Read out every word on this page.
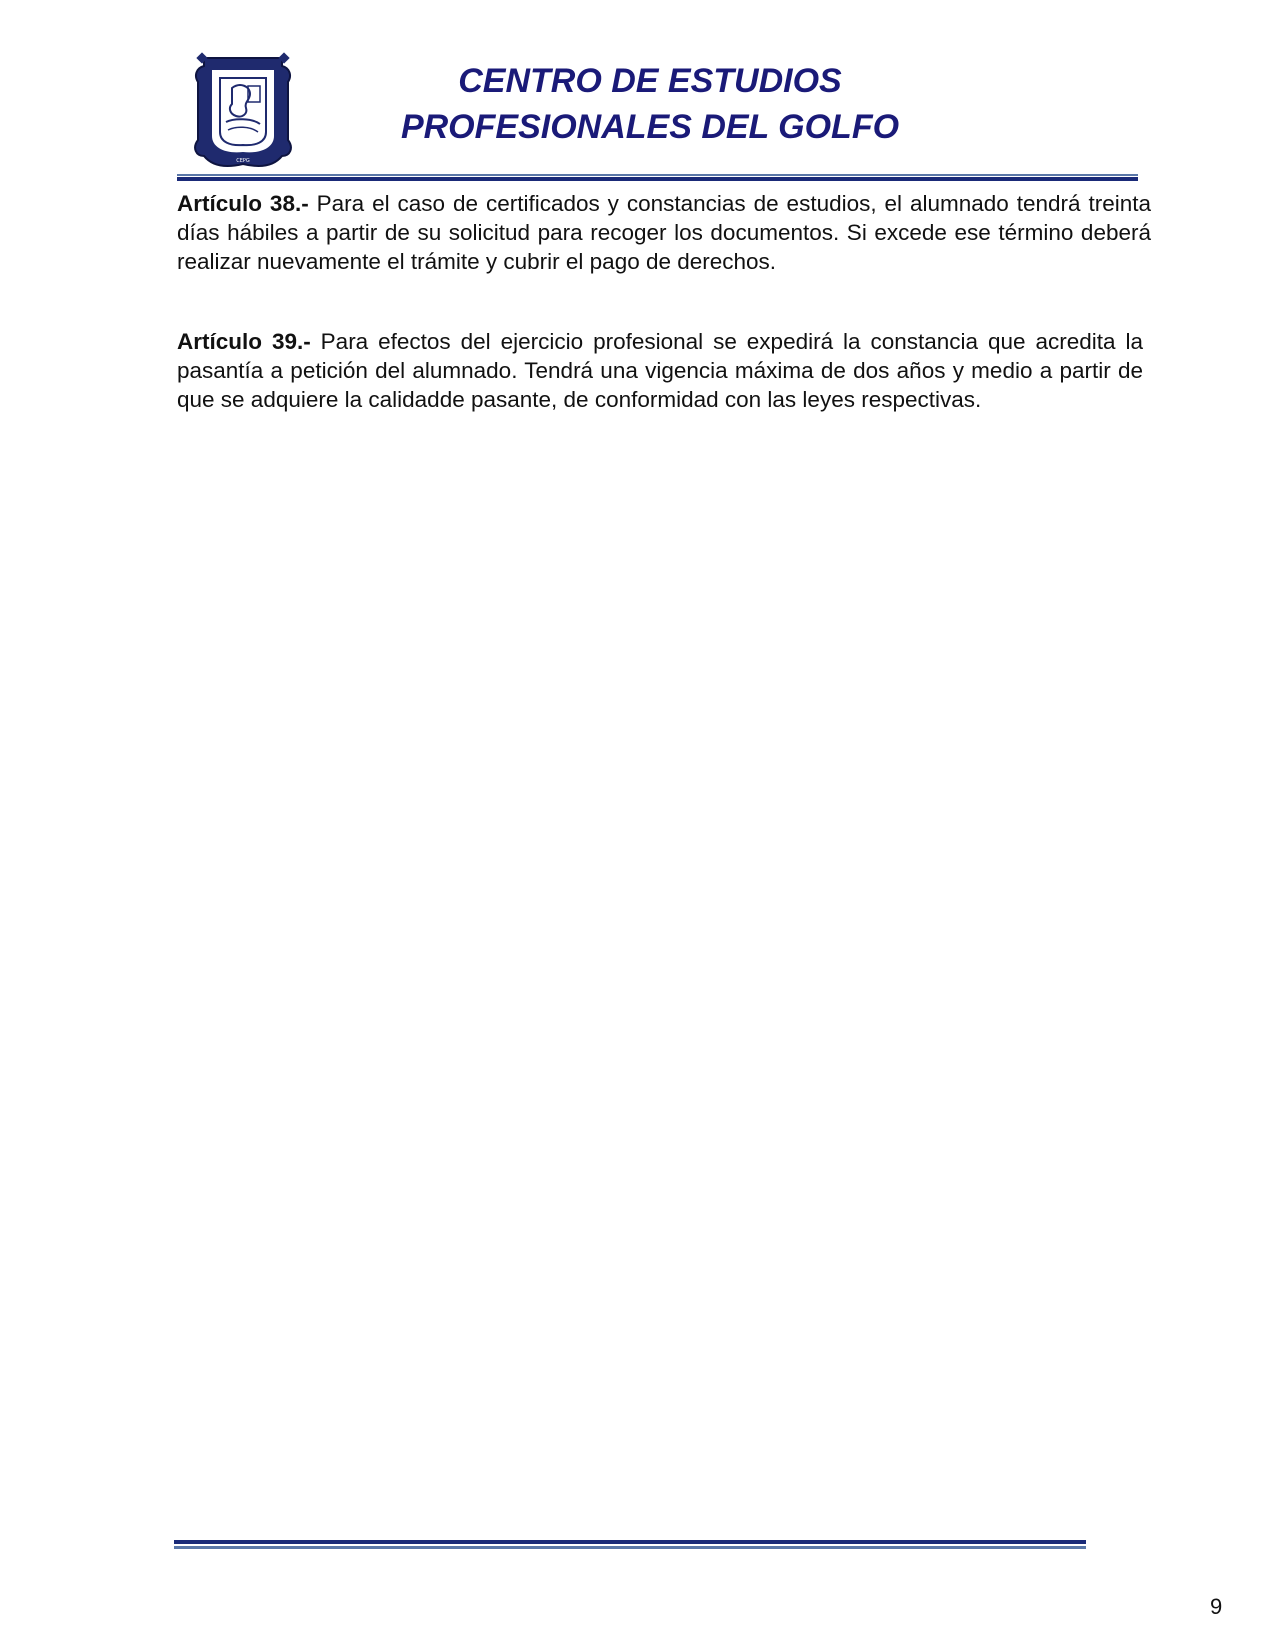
CEPG
CENTRO DE ESTUDIOS
PROFESIONALES DEL GOLFO

Artículo 38.- Para el caso de certificados y constancias de estudios, el alumnado tendrá treinta días hábiles a partir de su solicitud para recoger los documentos. Si excede ese término deberá realizar nuevamente el trámite y cubrir el pago de derechos.

Artículo 39.- Para efectos del ejercicio profesional se expedirá la constancia que acredita la pasantía a petición del alumnado. Tendrá una vigencia máxima de dos años y medio a partir de que se adquiere la calidadde pasante, de conformidad con las leyes respectivas.

9
